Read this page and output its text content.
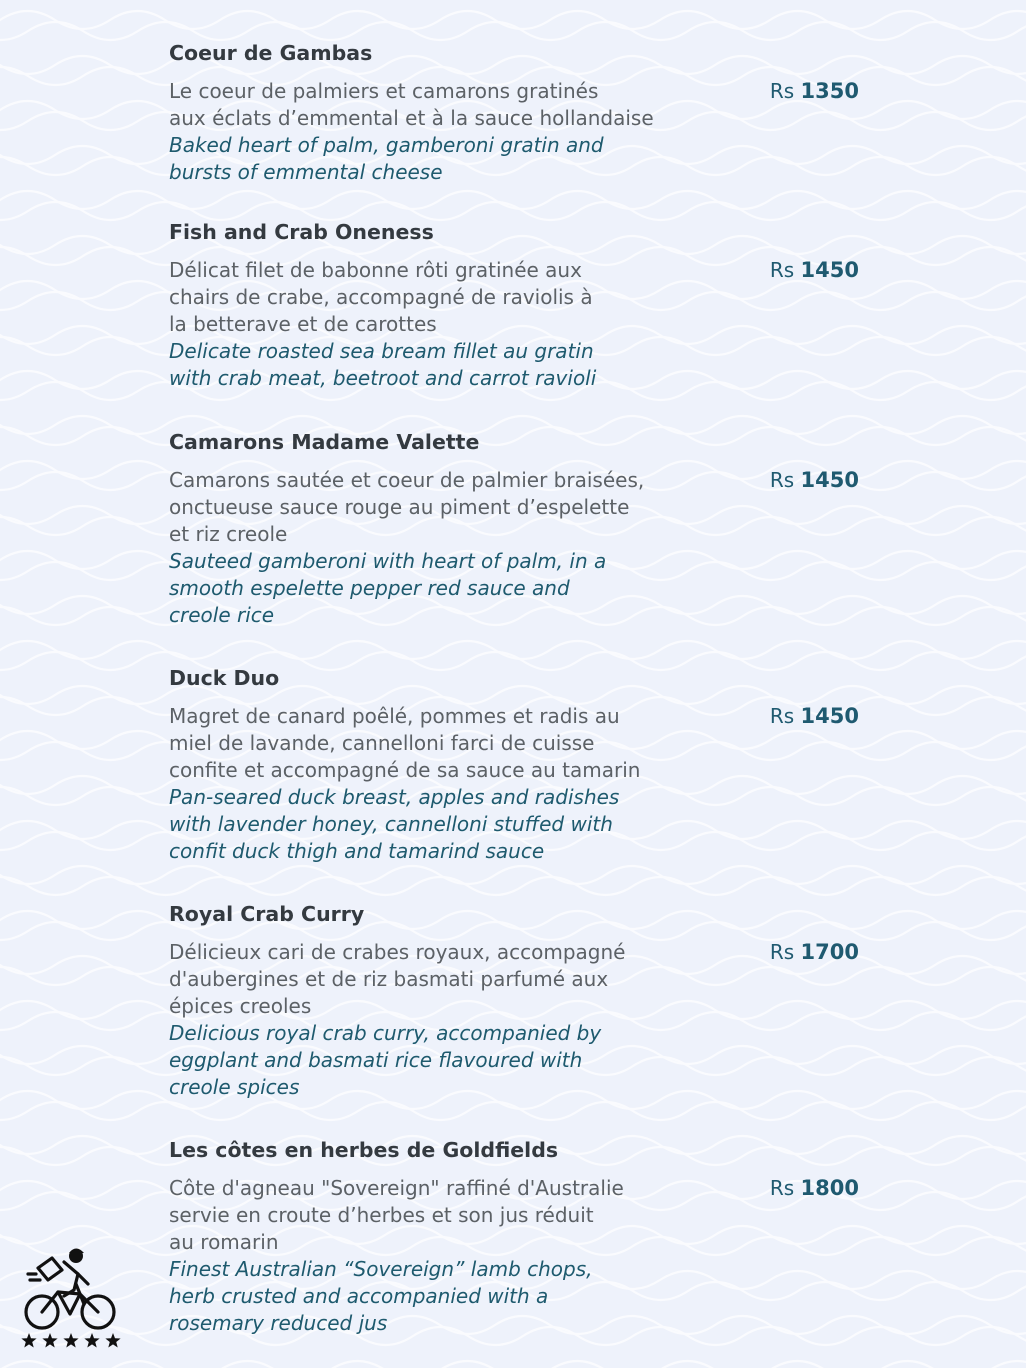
Coeur de Gambas
Le coeur de palmiers et camarons gratinés
aux éclats d’emmental et à la sauce hollandaise
Baked heart of palm, gamberoni gratin and
bursts of emmental cheese
Rs 1350
Fish and Crab Oneness
Délicat filet de babonne rôti gratinée aux
chairs de crabe, accompagné de raviolis à
la betterave et de carottes
Delicate roasted sea bream fillet au gratin
with crab meat, beetroot and carrot ravioli
Rs 1450
Camarons Madame Valette
Camarons sautée et coeur de palmier braisées,
onctueuse sauce rouge au piment d’espelette
et riz creole
Sauteed gamberoni with heart of palm, in a
smooth espelette pepper red sauce and
creole rice
Rs 1450
Duck Duo
Magret de canard poêlé, pommes et radis au
miel de lavande, cannelloni farci de cuisse
confite et accompagné de sa sauce au tamarin
Pan-seared duck breast, apples and radishes
with lavender honey, cannelloni stuffed with
confit duck thigh and tamarind sauce
Rs 1450
Royal Crab Curry
Délicieux cari de crabes royaux, accompagné
d'aubergines et de riz basmati parfumé aux
épices creoles
Delicious royal crab curry, accompanied by
eggplant and basmati rice flavoured with
creole spices
Rs 1700
Les côtes en herbes de Goldfields
Côte d'agneau "Sovereign" raffiné d'Australie
servie en croute d’herbes et son jus réduit
au romarin
Finest Australian “Sovereign” lamb chops,
herb crusted and accompanied with a
rosemary reduced jus
Rs 1800
